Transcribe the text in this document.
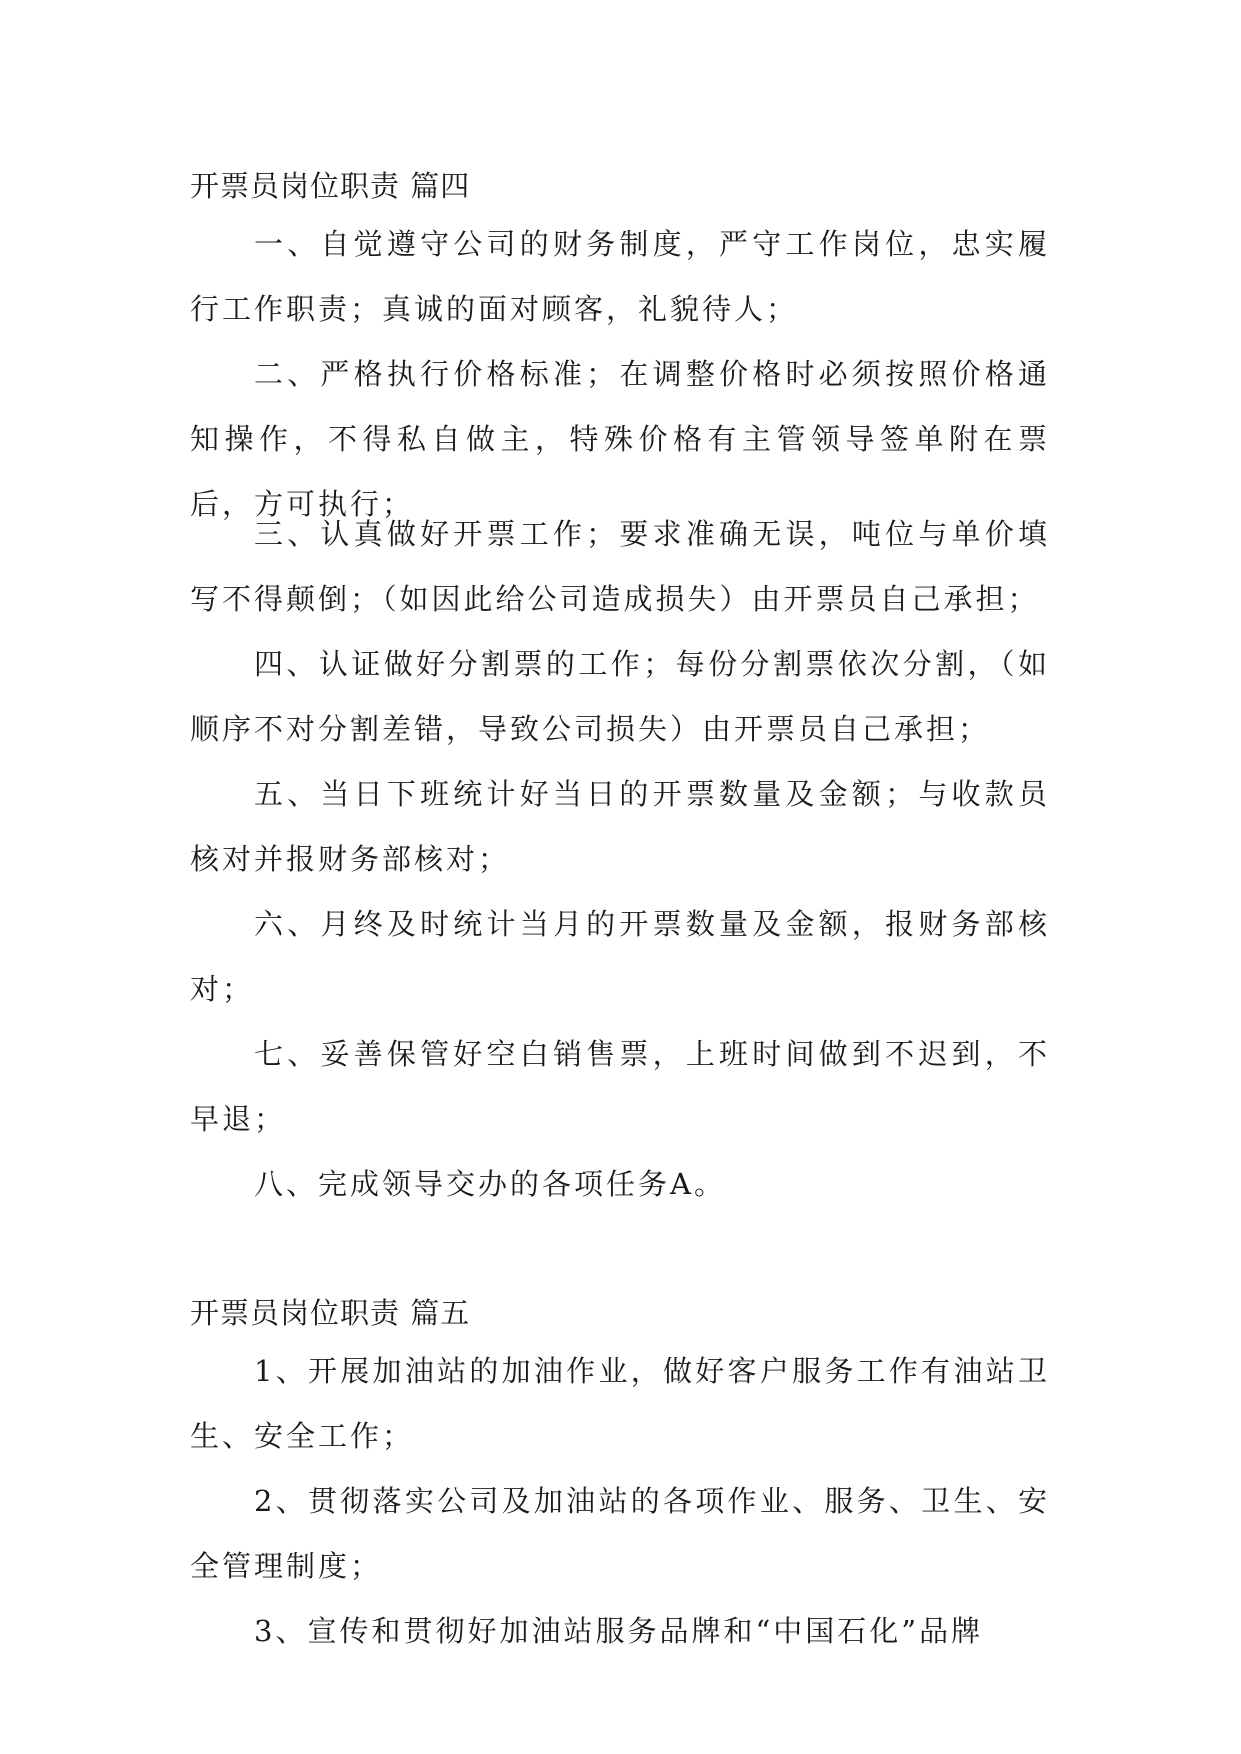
开票员岗位职责 篇四
一、自觉遵守公司的财务制度，严守工作岗位，忠实履行工作职责；真诚的面对顾客，礼貌待人；
二、严格执行价格标准；在调整价格时必须按照价格通知操作，不得私自做主，特殊价格有主管领导签单附在票后，方可执行；
三、认真做好开票工作；要求准确无误，吨位与单价填写不得颠倒；（如因此给公司造成损失）由开票员自己承担；
四、认证做好分割票的工作；每份分割票依次分割，（如顺序不对分割差错，导致公司损失）由开票员自己承担；
五、当日下班统计好当日的开票数量及金额；与收款员核对并报财务部核对；
六、月终及时统计当月的开票数量及金额，报财务部核对；
七、妥善保管好空白销售票，上班时间做到不迟到，不早退；
八、完成领导交办的各项任务A。
开票员岗位职责 篇五
1、开展加油站的加油作业，做好客户服务工作有油站卫生、安全工作；
2、贯彻落实公司及加油站的各项作业、服务、卫生、安全管理制度；
3、宣传和贯彻好加油站服务品牌和“中国石化”品牌
